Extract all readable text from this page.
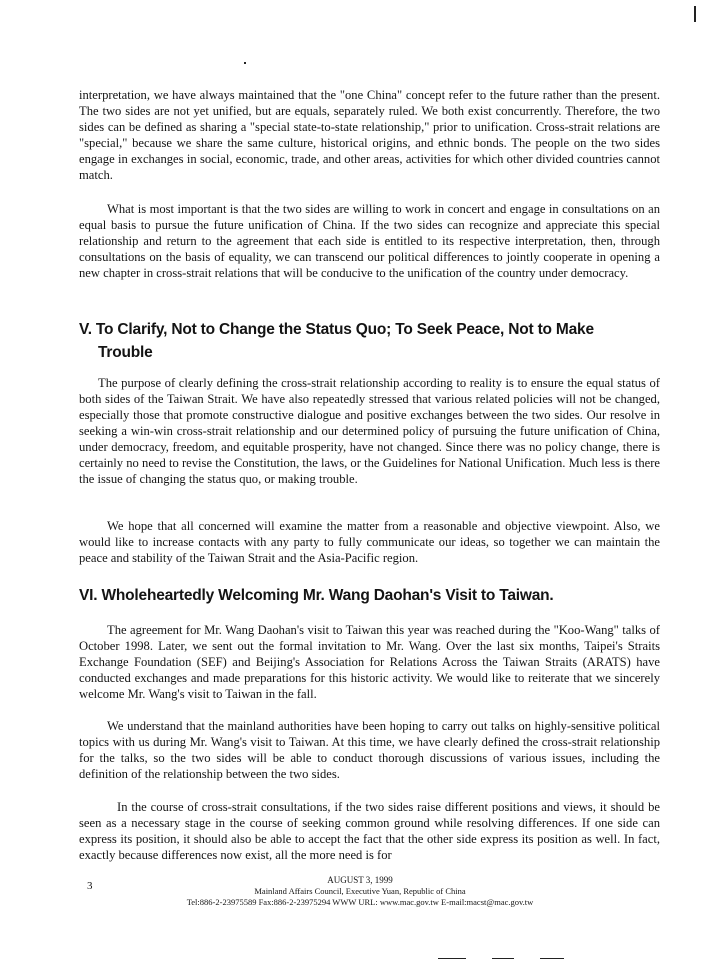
interpretation, we have always maintained that the "one China" concept refer to the future rather than the present. The two sides are not yet unified, but are equals, separately ruled. We both exist concurrently. Therefore, the two sides can be defined as sharing a "special state-to-state relationship," prior to unification. Cross-strait relations are "special," because we share the same culture, historical origins, and ethnic bonds. The people on the two sides engage in exchanges in social, economic, trade, and other areas, activities for which other divided countries cannot match.

What is most important is that the two sides are willing to work in concert and engage in consultations on an equal basis to pursue the future unification of China. If the two sides can recognize and appreciate this special relationship and return to the agreement that each side is entitled to its respective interpretation, then, through consultations on the basis of equality, we can transcend our political differences to jointly cooperate in opening a new chapter in cross-strait relations that will be conducive to the unification of the country under democracy.

V. To Clarify, Not to Change the Status Quo; To Seek Peace, Not to Make
Trouble

The purpose of clearly defining the cross-strait relationship according to reality is to ensure the equal status of both sides of the Taiwan Strait. We have also repeatedly stressed that various related policies will not be changed, especially those that promote constructive dialogue and positive exchanges between the two sides. Our resolve in seeking a win-win cross-strait relationship and our determined policy of pursuing the future unification of China, under democracy, freedom, and equitable prosperity, have not changed. Since there was no policy change, there is certainly no need to revise the Constitution, the laws, or the Guidelines for National Unification. Much less is there the issue of changing the status quo, or making trouble.

We hope that all concerned will examine the matter from a reasonable and objective viewpoint. Also, we would like to increase contacts with any party to fully communicate our ideas, so together we can maintain the peace and stability of the Taiwan Strait and the Asia-Pacific region.

VI. Wholeheartedly Welcoming Mr. Wang Daohan's Visit to Taiwan.

The agreement for Mr. Wang Daohan's visit to Taiwan this year was reached during the "Koo-Wang" talks of October 1998. Later, we sent out the formal invitation to Mr. Wang. Over the last six months, Taipei's Straits Exchange Foundation (SEF) and Beijing's Association for Relations Across the Taiwan Straits (ARATS) have conducted exchanges and made preparations for this historic activity. We would like to reiterate that we sincerely welcome Mr. Wang's visit to Taiwan in the fall.

We understand that the mainland authorities have been hoping to carry out talks on highly-sensitive political topics with us during Mr. Wang's visit to Taiwan. At this time, we have clearly defined the cross-strait relationship for the talks, so the two sides will be able to conduct thorough discussions of various issues, including the definition of the relationship between the two sides.

In the course of cross-strait consultations, if the two sides raise different positions and views, it should be seen as a necessary stage in the course of seeking common ground while resolving differences. If one side can express its position, it should also be able to accept the fact that the other side express its position as well. In fact, exactly because differences now exist, all the more need is for

3	AUGUST 3, 1999
Mainland Affairs Council, Executive Yuan, Republic of China
Tel:886-2-23975589 Fax:886-2-23975294 WWW URL: www.mac.gov.tw E-mail:macst@mac.gov.tw
